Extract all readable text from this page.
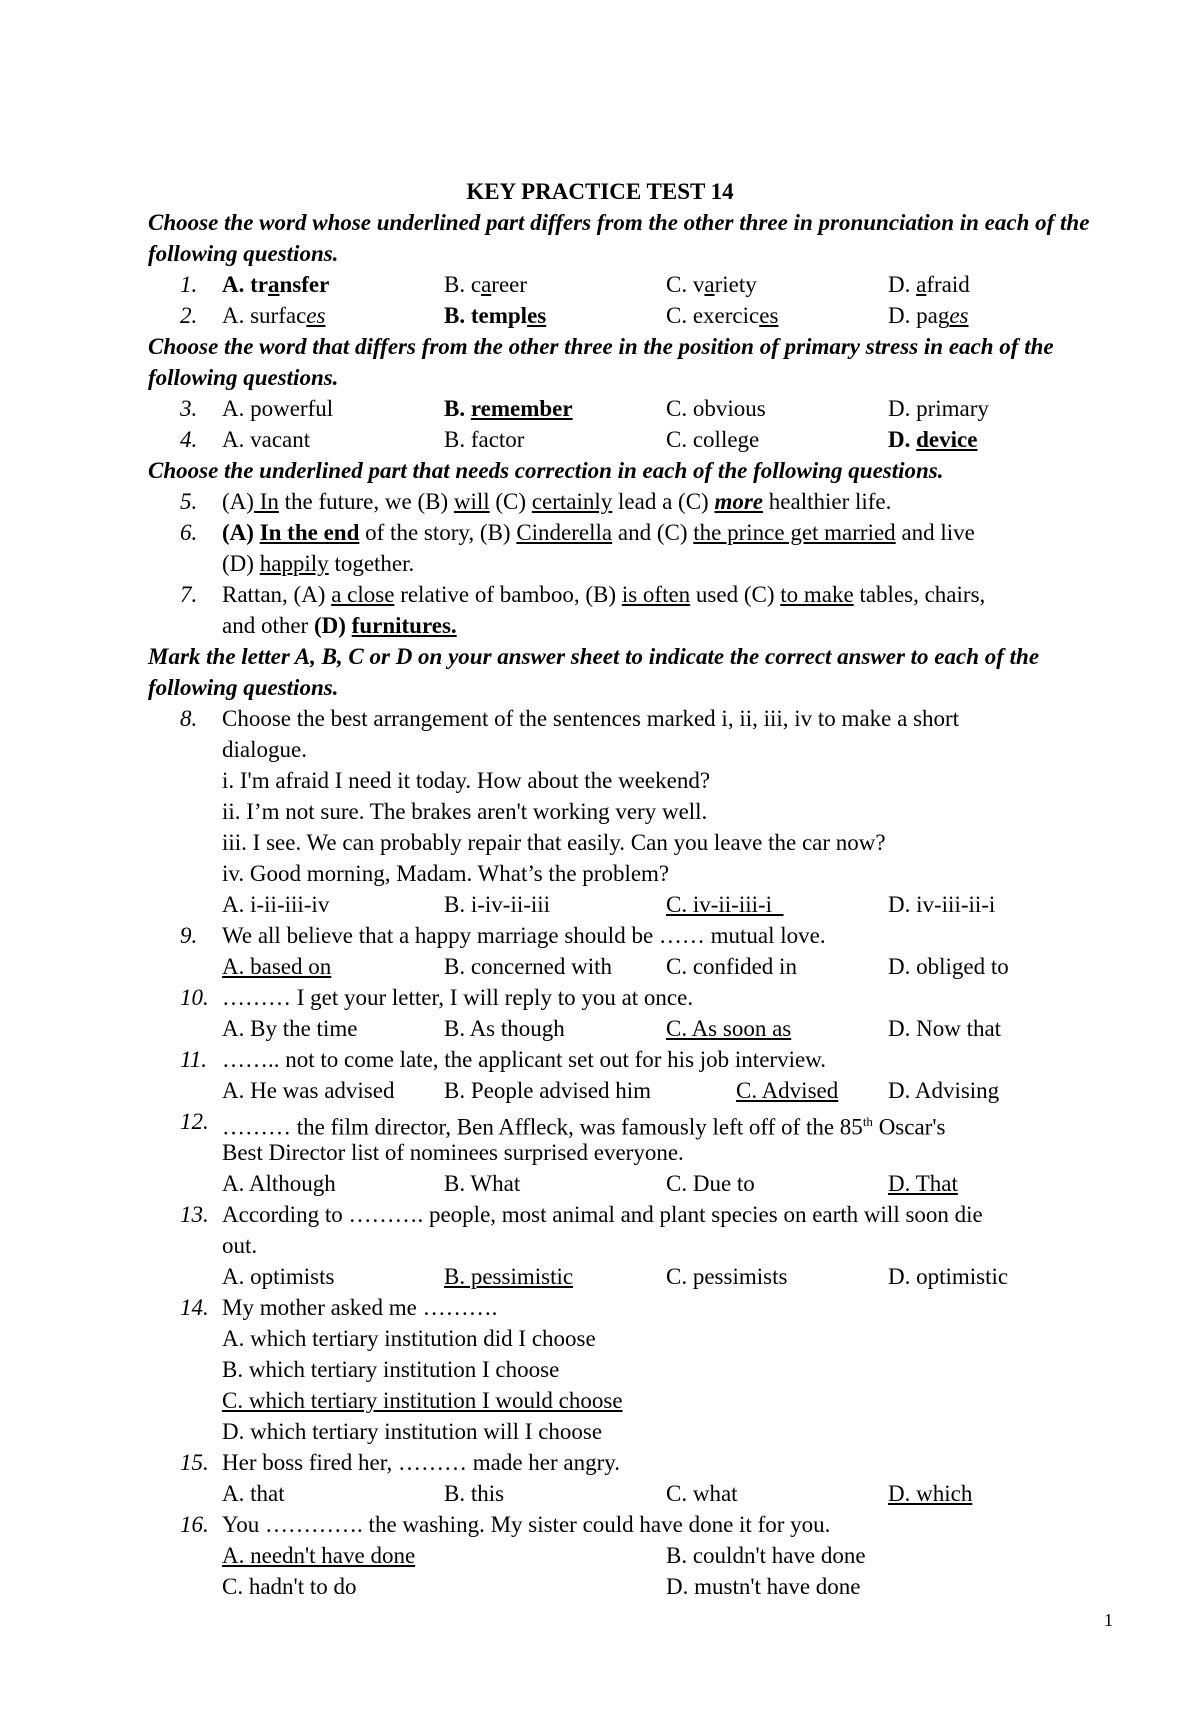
KEY PRACTICE TEST 14
Choose the word whose underlined part differs from the other three in pronunciation in each of the following questions.
1. A. transfer	B. career	C. variety	D. afraid
2. A. surfaces	B. temples	C. exercices	D. pages
Choose the word that differs from the other three in the position of primary stress in each of the following questions.
3. A. powerful	B. remember	C. obvious	D. primary
4. A. vacant	B. factor	C. college	D. device
Choose the underlined part that needs correction in each of the following questions.
5. (A) In the future, we (B) will (C) certainly lead a (C) more healthier life.
6. (A) In the end of the story, (B) Cinderella and (C) the prince get married and live
(D) happily together.
7. Rattan, (A) a close relative of bamboo, (B) is often used (C) to make tables, chairs,
and other (D) furnitures.
Mark the letter A, B, C or D on your answer sheet to indicate the correct answer to each of the following questions.
8. Choose the best arrangement of the sentences marked i, ii, iii, iv to make a short
dialogue.
i. I'm afraid I need it today. How about the weekend?
ii. I’m not sure. The brakes aren't working very well.
iii. I see. We can probably repair that easily. Can you leave the car now?
iv. Good morning, Madam. What’s the problem?
A. i-ii-iii-iv	B. i-iv-ii-iii	C. iv-ii-iii-i	D. iv-iii-ii-i
9. We all believe that a happy marriage should be …… mutual love.
A. based on	B. concerned with C. confided in	D. obliged to
10. ……… I get your letter, I will reply to you at once.
A. By the time	B. As though	C. As soon as	D. Now that
11. …….. not to come late, the applicant set out for his job interview.
A. He was advised B. People advised him	C. Advised D. Advising
12. ……… the film director, Ben Affleck, was famously left off of the 85th Oscar's
Best Director list of nominees surprised everyone.
A. Although	B. What	C. Due to	D. That
13. According to ………. people, most animal and plant species on earth will soon die
out.
A. optimists	B. pessimistic	C. pessimists	D. optimistic
14. My mother asked me ……….
A. which tertiary institution did I choose
B. which tertiary institution I choose
C. which tertiary institution I would choose
D. which tertiary institution will I choose
15. Her boss fired her, ……… made her angry.
A. that	B. this	C. what	D. which
16. You …………. the washing. My sister could have done it for you.
A. needn't have done	B. couldn't have done
C. hadn't to do	D. mustn't have done
1
